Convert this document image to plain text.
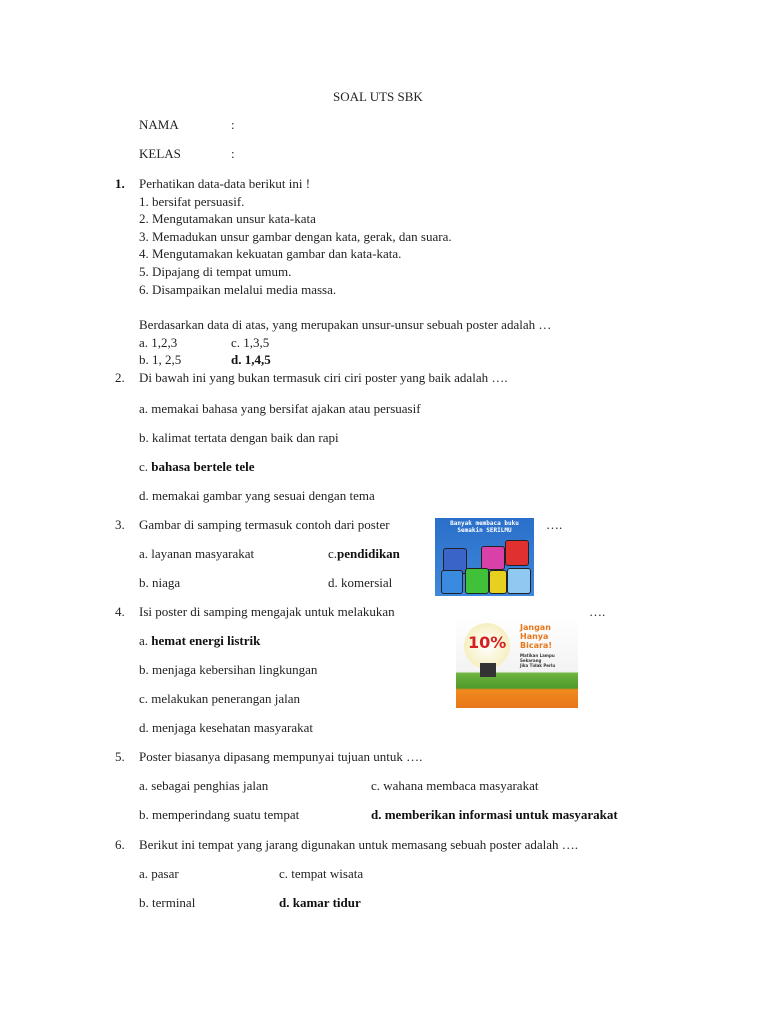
SOAL UTS SBK
NAMA	:
KELAS	:
1. Perhatikan data-data berikut ini !
1. bersifat persuasif.
2. Mengutamakan unsur kata-kata
3. Memadukan unsur gambar dengan kata, gerak, dan suara.
4. Mengutamakan kekuatan gambar dan kata-kata.
5. Dipajang di tempat umum.
6. Disampaikan melalui media massa.
Berdasarkan data di atas, yang merupakan unsur-unsur sebuah poster adalah …
a. 1,2,3	c. 1,3,5
b. 1, 2,5	d. 1,4,5
2. Di bawah ini yang bukan termasuk ciri ciri poster yang baik adalah ….
a. memakai bahasa yang bersifat ajakan atau persuasif
b. kalimat tertata dengan baik dan rapi
c. bahasa bertele tele
d. memakai gambar yang sesuai dengan tema
3. Gambar di samping termasuk contoh dari poster	….
a. layanan masyarakat	c.pendidikan
b. niaga	d. komersial
Banyak membaca buku
Semakin SERILMU
4. Isi poster di samping mengajak untuk melakukan	….
a. hemat energi listrik
b. menjaga kebersihan lingkungan
c. melakukan penerangan jalan
d. menjaga kesehatan masyarakat
10%
Jangan
Hanya
Bicara!
Matikan Lampu
Sekarang
Jika Tidak Perlu
5. Poster biasanya dipasang mempunyai tujuan untuk ….
a. sebagai penghias jalan	c. wahana membaca masyarakat
b. memperindang suatu tempat	d. memberikan informasi untuk masyarakat
6. Berikut ini tempat yang jarang digunakan untuk memasang sebuah poster adalah ….
a. pasar	c. tempat wisata
b. terminal	d. kamar tidur
